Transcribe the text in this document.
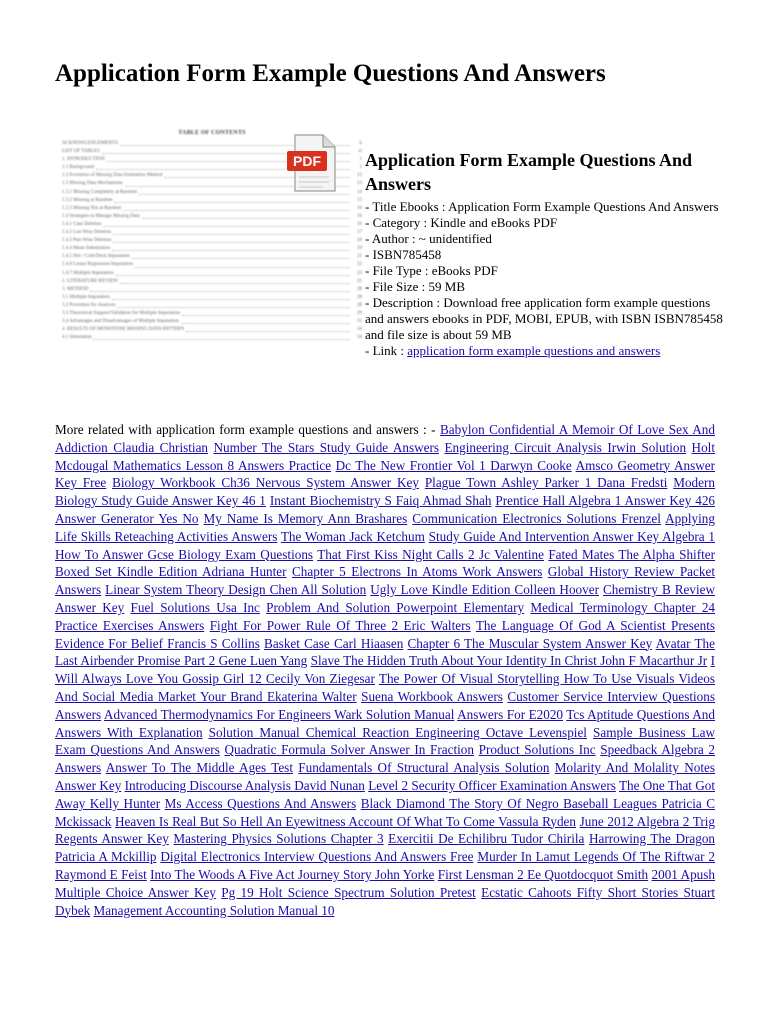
Application Form Example Questions And Answers
TABLE OF CONTENTS
ACKNOWLEDGEMENTS	ii
LIST OF TABLES	vi
1. INTRODUCTION	1
1.1 Background	1
1.2 Evolution of Missing Data Estimation Method	12
1.3 Missing Data Mechanisms	13
1.3.1 Missing Completely at Random	14
1.3.2 Missing at Random	15
1.3.3 Missing Not at Random	16
1.4 Strategies to Manage Missing Data	16
1.4.1 Case Deletion	16
1.4.2 List-Wise Deletion	17
1.4.3 Pair-Wise Deletion	18
1.4.4 Mean Substitution	19
1.4.5 Hot / Cold-Deck Imputation	21
1.4.6 Linear Regression Imputation	22
1.4.7 Multiple Imputation	23
2. LITERATURE REVIEW	25
3. METHOD	28
3.1 Multiple Imputation	28
3.2 Procedure for Analysis	28
3.3 Theoretical Support/Validation for Multiple Imputation	29
3.4 Advantages and Disadvantages of Multiple Imputation	31
4. RESULTS OF MONOTONE MISSING DATA PATTERN	34
4.1 Simulation	34
PDF Application Form Example Questions And Answers
- Title Ebooks : Application Form Example Questions And Answers
- Category : Kindle and eBooks PDF
- Author : ~ unidentified
- ISBN785458
- File Type : eBooks PDF
- File Size : 59 MB
- Description : Download free application form example questions and answers ebooks in PDF, MOBI, EPUB, with ISBN ISBN785458 and file size is about 59 MB
- Link : application form example questions and answers
More related with application form example questions and answers : - Babylon Confidential A Memoir Of Love Sex And Addiction Claudia Christian Number The Stars Study Guide Answers Engineering Circuit Analysis Irwin Solution Holt Mcdougal Mathematics Lesson 8 Answers Practice Dc The New Frontier Vol 1 Darwyn Cooke Amsco Geometry Answer Key Free Biology Workbook Ch36 Nervous System Answer Key Plague Town Ashley Parker 1 Dana Fredsti Modern Biology Study Guide Answer Key 46 1 Instant Biochemistry S Faiq Ahmad Shah Prentice Hall Algebra 1 Answer Key 426 Answer Generator Yes No My Name Is Memory Ann Brashares Communication Electronics Solutions Frenzel Applying Life Skills Reteaching Activities Answers The Woman Jack Ketchum Study Guide And Intervention Answer Key Algebra 1 How To Answer Gcse Biology Exam Questions That First Kiss Night Calls 2 Jc Valentine Fated Mates The Alpha Shifter Boxed Set Kindle Edition Adriana Hunter Chapter 5 Electrons In Atoms Work Answers Global History Review Packet Answers Linear System Theory Design Chen All Solution Ugly Love Kindle Edition Colleen Hoover Chemistry B Review Answer Key Fuel Solutions Usa Inc Problem And Solution Powerpoint Elementary Medical Terminology Chapter 24 Practice Exercises Answers Fight For Power Rule Of Three 2 Eric Walters The Language Of God A Scientist Presents Evidence For Belief Francis S Collins Basket Case Carl Hiaasen Chapter 6 The Muscular System Answer Key Avatar The Last Airbender Promise Part 2 Gene Luen Yang Slave The Hidden Truth About Your Identity In Christ John F Macarthur Jr I Will Always Love You Gossip Girl 12 Cecily Von Ziegesar The Power Of Visual Storytelling How To Use Visuals Videos And Social Media Market Your Brand Ekaterina Walter Suena Workbook Answers Customer Service Interview Questions Answers Advanced Thermodynamics For Engineers Wark Solution Manual Answers For E2020 Tcs Aptitude Questions And Answers With Explanation Solution Manual Chemical Reaction Engineering Octave Levenspiel Sample Business Law Exam Questions And Answers Quadratic Formula Solver Answer In Fraction Product Solutions Inc Speedback Algebra 2 Answers Answer To The Middle Ages Test Fundamentals Of Structural Analysis Solution Molarity And Molality Notes Answer Key Introducing Discourse Analysis David Nunan Level 2 Security Officer Examination Answers The One That Got Away Kelly Hunter Ms Access Questions And Answers Black Diamond The Story Of Negro Baseball Leagues Patricia C Mckissack Heaven Is Real But So Hell An Eyewitness Account Of What To Come Vassula Ryden June 2012 Algebra 2 Trig Regents Answer Key Mastering Physics Solutions Chapter 3 Exercitii De Echilibru Tudor Chirila Harrowing The Dragon Patricia A Mckillip Digital Electronics Interview Questions And Answers Free Murder In Lamut Legends Of The Riftwar 2 Raymond E Feist Into The Woods A Five Act Journey Story John Yorke First Lensman 2 Ee Quotdocquot Smith 2001 Apush Multiple Choice Answer Key Pg 19 Holt Science Spectrum Solution Pretest Ecstatic Cahoots Fifty Short Stories Stuart Dybek Management Accounting Solution Manual 10
